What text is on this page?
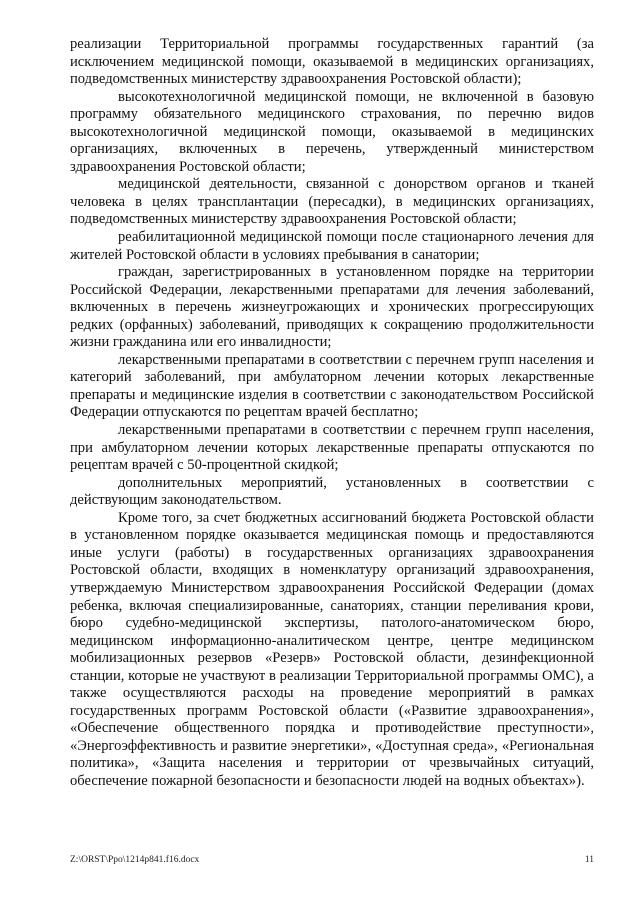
реализации Территориальной программы государственных гарантий (за исключением медицинской помощи, оказываемой в медицинских организациях, подведомственных министерству здравоохранения Ростовской области);

высокотехнологичной медицинской помощи, не включенной в базовую программу обязательного медицинского страхования, по перечню видов высокотехнологичной медицинской помощи, оказываемой в медицинских организациях, включенных в перечень, утвержденный министерством здравоохранения Ростовской области;

медицинской деятельности, связанной с донорством органов и тканей человека в целях трансплантации (пересадки), в медицинских организациях, подведомственных министерству здравоохранения Ростовской области;

реабилитационной медицинской помощи после стационарного лечения для жителей Ростовской области в условиях пребывания в санатории;

граждан, зарегистрированных в установленном порядке на территории Российской Федерации, лекарственными препаратами для лечения заболеваний, включенных в перечень жизнеугрожающих и хронических прогрессирующих редких (орфанных) заболеваний, приводящих к сокращению продолжительности жизни гражданина или его инвалидности;

лекарственными препаратами в соответствии с перечнем групп населения и категорий заболеваний, при амбулаторном лечении которых лекарственные препараты и медицинские изделия в соответствии с законодательством Российской Федерации отпускаются по рецептам врачей бесплатно;

лекарственными препаратами в соответствии с перечнем групп населения, при амбулаторном лечении которых лекарственные препараты отпускаются по рецептам врачей с 50-процентной скидкой;

дополнительных мероприятий, установленных в соответствии с действующим законодательством.

Кроме того, за счет бюджетных ассигнований бюджета Ростовской области в установленном порядке оказывается медицинская помощь и предоставляются иные услуги (работы) в государственных организациях здравоохранения Ростовской области, входящих в номенклатуру организаций здравоохранения, утверждаемую Министерством здравоохранения Российской Федерации (домах ребенка, включая специализированные, санаториях, станции переливания крови, бюро судебно-медицинской экспертизы, патолого-анатомическом бюро, медицинском информационно-аналитическом центре, центре медицинском мобилизационных резервов «Резерв» Ростовской области, дезинфекционной станции, которые не участвуют в реализации Территориальной программы ОМС), а также осуществляются расходы на проведение мероприятий в рамках государственных программ Ростовской области («Развитие здравоохранения», «Обеспечение общественного порядка и противодействие преступности», «Энергоэффективность и развитие энергетики», «Доступная среда», «Региональная политика», «Защита населения и территории от чрезвычайных ситуаций, обеспечение пожарной безопасности и безопасности людей на водных объектах»).

Z:\ORST\Ppo\1214p841.f16.docx	11
